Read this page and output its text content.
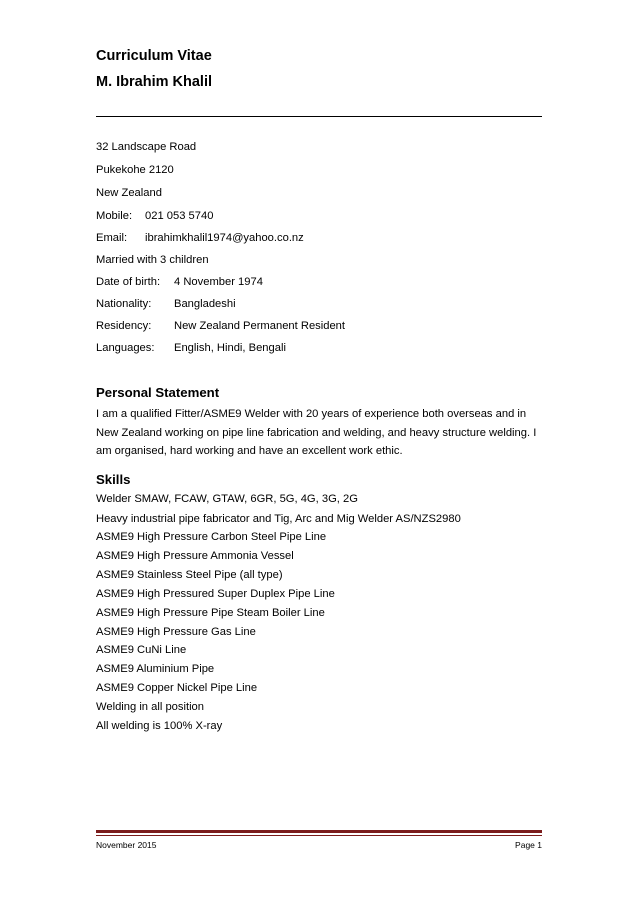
Curriculum Vitae
M. Ibrahim Khalil
32 Landscape Road
Pukekohe 2120
New Zealand
Mobile: 021 053 5740
Email: ibrahimkhalil1974@yahoo.co.nz
Married with 3 children
Date of birth: 4 November 1974
Nationality: Bangladeshi
Residency: New Zealand Permanent Resident
Languages: English, Hindi, Bengali
Personal Statement
I am a qualified Fitter/ASME9 Welder with 20 years of experience both overseas and in New Zealand working on pipe line fabrication and welding, and heavy structure welding. I am organised, hard working and have an excellent work ethic.
Skills
Welder SMAW, FCAW, GTAW, 6GR, 5G, 4G, 3G, 2G
Heavy industrial pipe fabricator and Tig, Arc and Mig Welder AS/NZS2980
ASME9 High Pressure Carbon Steel Pipe Line
ASME9 High Pressure Ammonia Vessel
ASME9 Stainless Steel Pipe (all type)
ASME9 High Pressured Super Duplex Pipe Line
ASME9 High Pressure Pipe Steam Boiler Line
ASME9 High Pressure Gas Line
ASME9 CuNi Line
ASME9 Aluminium Pipe
ASME9 Copper Nickel Pipe Line
Welding in all position
All welding is 100% X-ray
November 2015	Page 1
